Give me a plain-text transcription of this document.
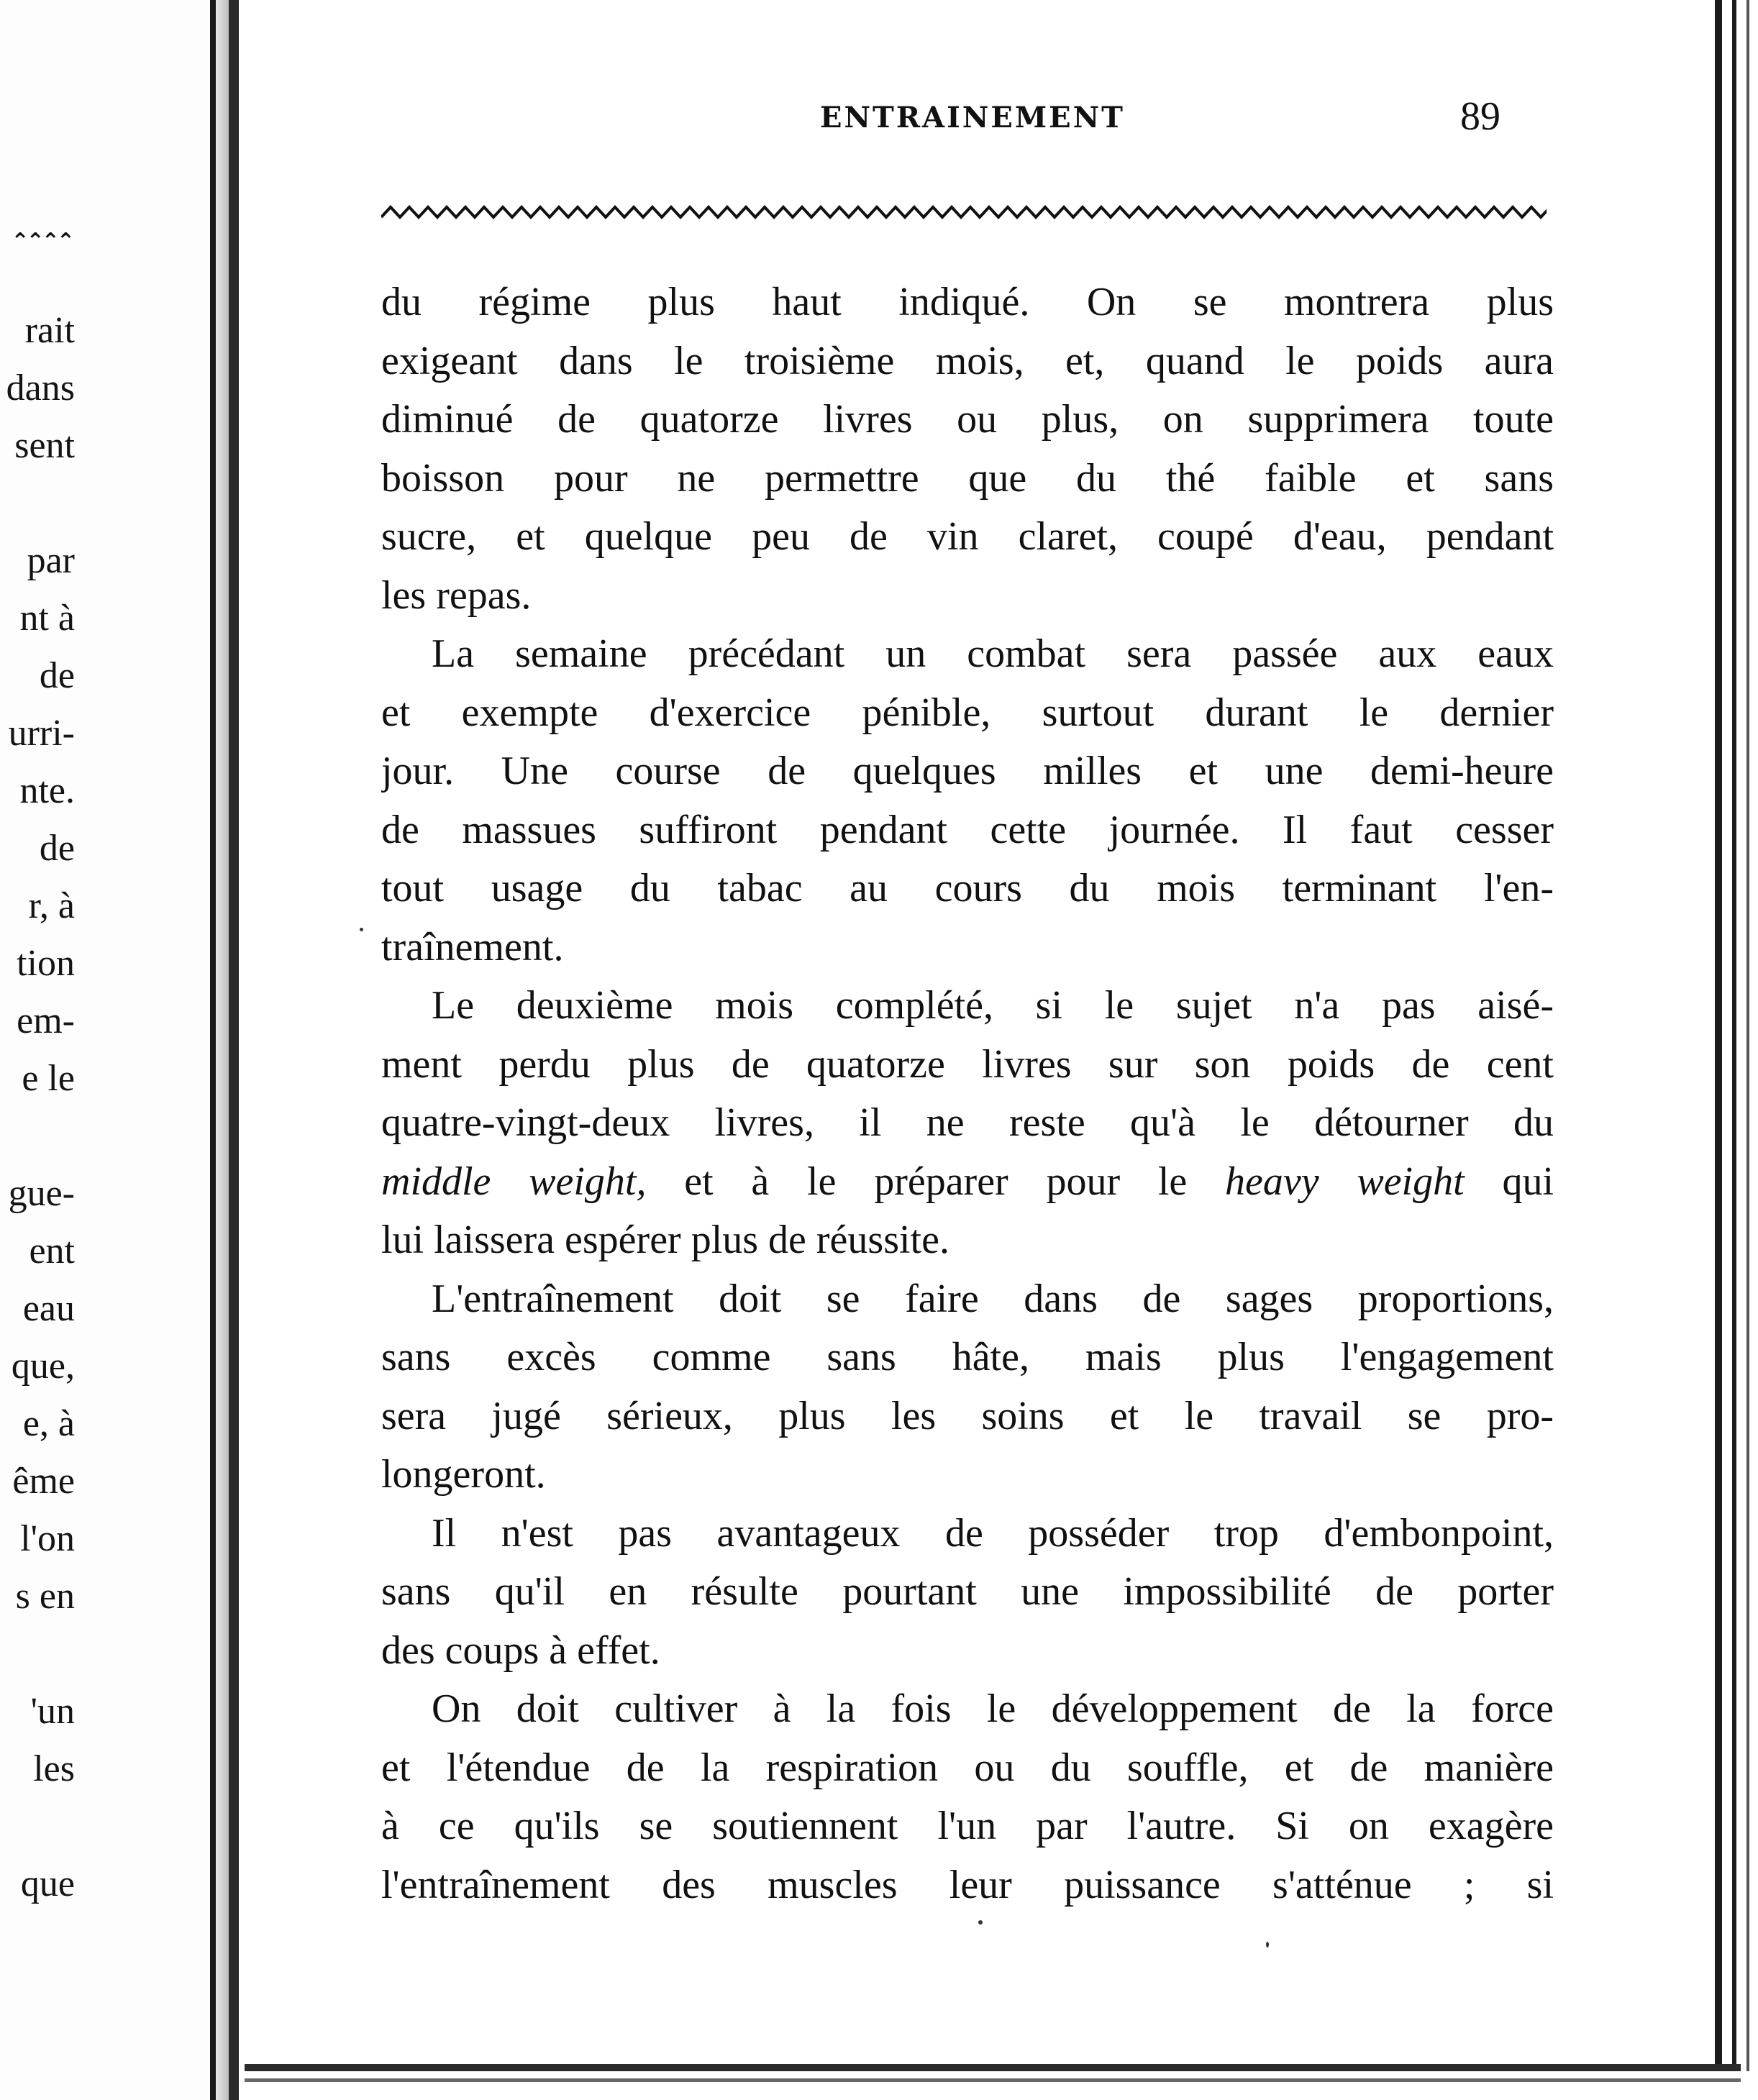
⌃⌃⌃⌃
rait
dans
sent
par
nt à
de
urri-
nte.
de
r, à
tion
em-
e le
gue-
ent
eau
que,
e, à
ême
l'on
s en
'un
les
que
ENTRAINEMENT	89
du régime plus haut indiqué. On se montrera plus
exigeant dans le troisième mois, et, quand le poids aura
diminué de quatorze livres ou plus, on supprimera toute
boisson pour ne permettre que du thé faible et sans
sucre, et quelque peu de vin claret, coupé d'eau, pendant
les repas.
La semaine précédant un combat sera passée aux eaux
et exempte d'exercice pénible, surtout durant le dernier
jour. Une course de quelques milles et une demi-heure
de massues suffiront pendant cette journée. Il faut cesser
tout usage du tabac au cours du mois terminant l'en-
traînement.
Le deuxième mois complété, si le sujet n'a pas aisé-
ment perdu plus de quatorze livres sur son poids de cent
quatre-vingt-deux livres, il ne reste qu'à le détourner du
middle weight, et à le préparer pour le heavy weight qui
lui laissera espérer plus de réussite.
L'entraînement doit se faire dans de sages proportions,
sans excès comme sans hâte, mais plus l'engagement
sera jugé sérieux, plus les soins et le travail se pro-
longeront.
Il n'est pas avantageux de posséder trop d'embonpoint,
sans qu'il en résulte pourtant une impossibilité de porter
des coups à effet.
On doit cultiver à la fois le développement de la force
et l'étendue de la respiration ou du souffle, et de manière
à ce qu'ils se soutiennent l'un par l'autre. Si on exagère
l'entraînement des muscles leur puissance s'atténue ; si
